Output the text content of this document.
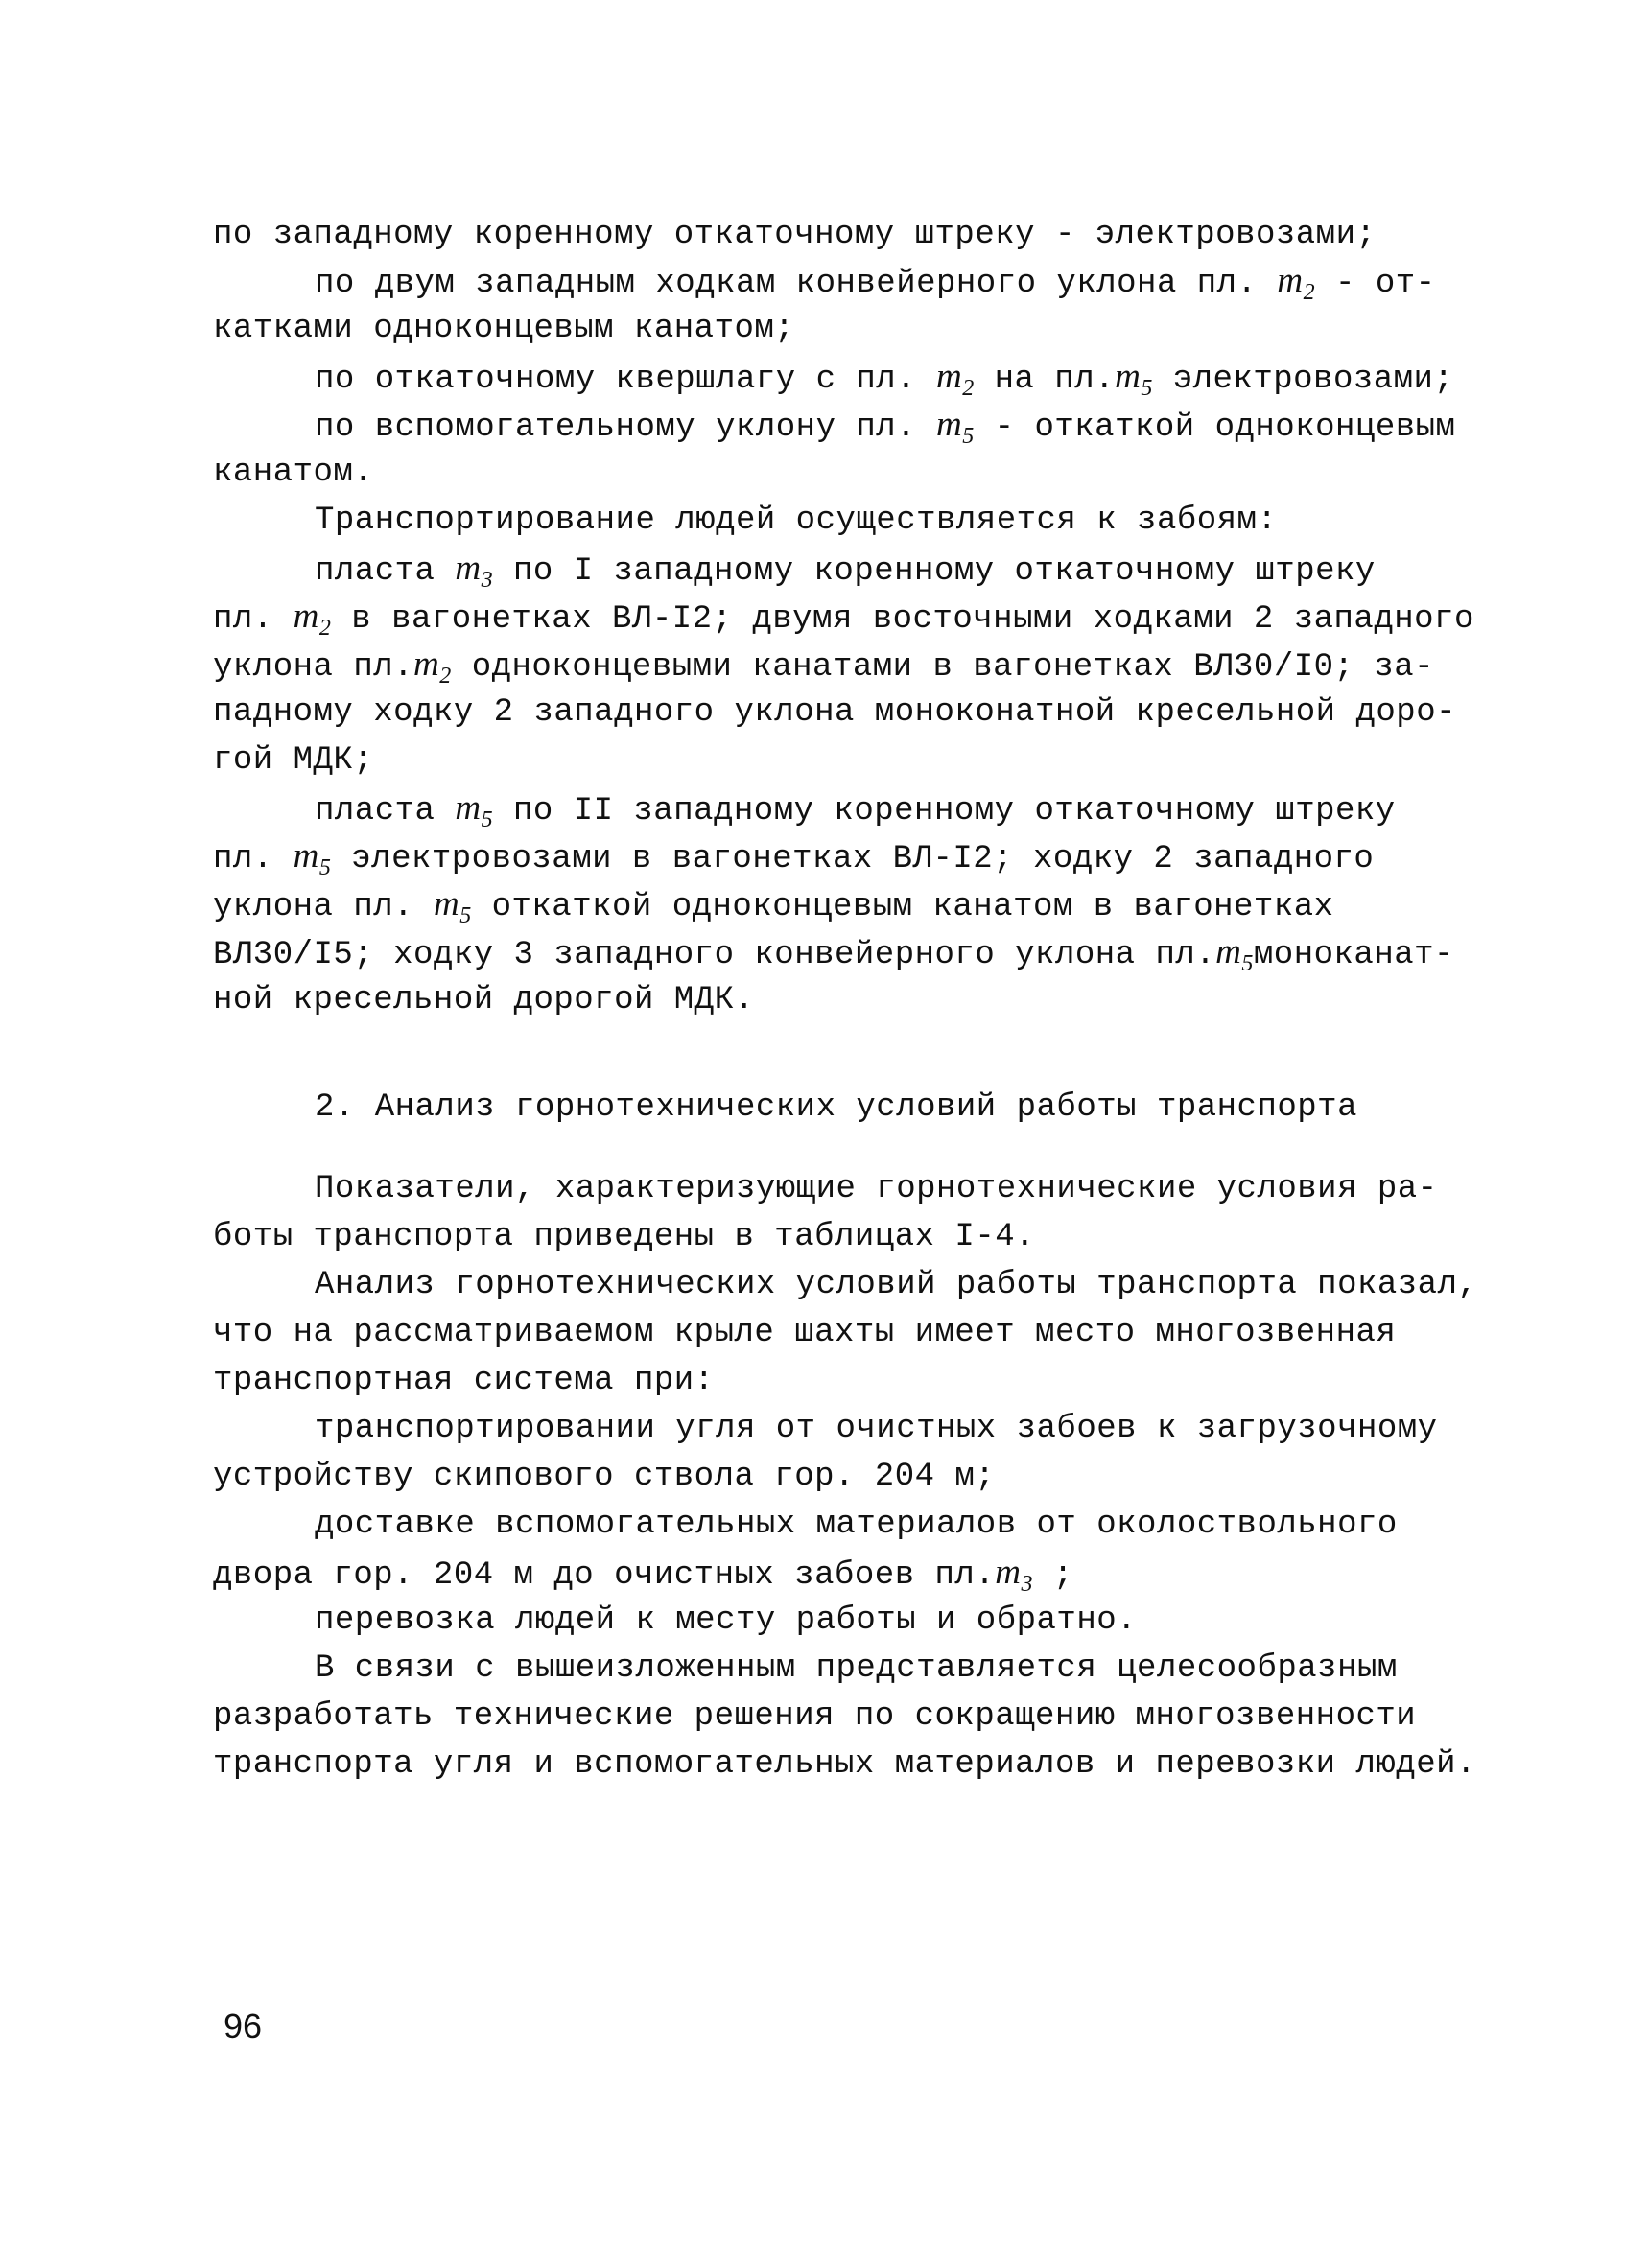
по западному коренному откаточному штреку - электровозами;

по двум западным ходкам конвейерного уклона пл. $m_2 - от-$

катками одноконцевым канатом;

по откаточному квершлагу с пл. $m_2$ на $пл.m_5$ электровозами;

по вспомогательному уклону пл. $m_5$ - откаткой одноконцевым

канатом.

Транспортирование людей осуществляется к забоям:

пласта $m_3$ по I западному коренному откаточному штреку

пл. $m_2$ в вагонетках ВЛ-I2; двумя восточными ходками 2 западного

уклона $пл.m_2$ одноконцевыми канатами в вагонетках ВЛ30/I0; за-

падному ходку 2 западного уклона моноконатной кресельной доро-

гой МДК;

пласта $m_5$ по II западному коренному откаточному штреку

пл. $m_5$ электровозами в вагонетках ВЛ-I2; ходку 2 западного

уклона пл. $m_5$ откаткой одноконцевым канатом в вагонетках

ВЛ30/I5; ходку 3 западного конвейерного уклона $пл.m_5моноканат-$

ной кресельной дорогой МДК.

2. Анализ горнотехнических условий работы транспорта

Показатели, характеризующие горнотехнические условия ра-

боты транспорта приведены в таблицах I-4.

Анализ горнотехнических условий работы транспорта показал,

что на рассматриваемом крыле шахты имеет место многозвенная

транспортная система при:

транспортировании угля от очистных забоев к загрузочному

устройству скипового ствола гор. 204 м;

доставке вспомогательных материалов от околоствольного

двора гор. 204 м до очистных забоев $пл.m_3$ ;

перевозка людей к месту работы и обратно.

В связи с вышеизложенным представляется целесообразным

разработать технические решения по сокращению многозвенности

транспорта угля и вспомогательных материалов и перевозки людей.

96
